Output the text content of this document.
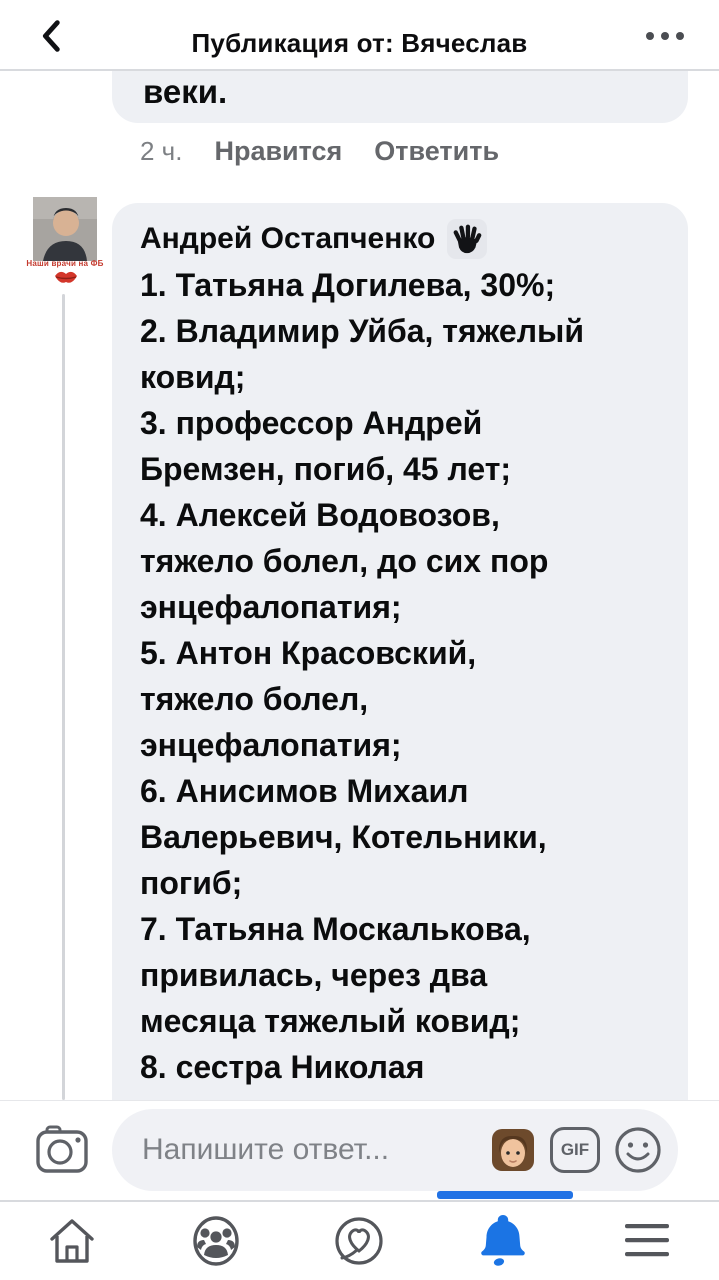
Публикация от: Вячеслав
веки.
2 ч. Нравится Ответить
Наши врачи на ФБ
Андрей Остапченко
1. Татьяна Догилева, 30%;
2. Владимир Уйба, тяжелый
ковид;
3. профессор Андрей
Бремзен, погиб, 45 лет;
4. Алексей Водовозов,
тяжело болел, до сих пор
энцефалопатия;
5. Антон Красовский,
тяжело болел,
энцефалопатия;
6. Анисимов Михаил
Валерьевич, Котельники,
погиб;
7. Татьяна Москалькова,
привилась, через два
месяца тяжелый ковид;
8. сестра Николая
Напишите ответ...	GIF
